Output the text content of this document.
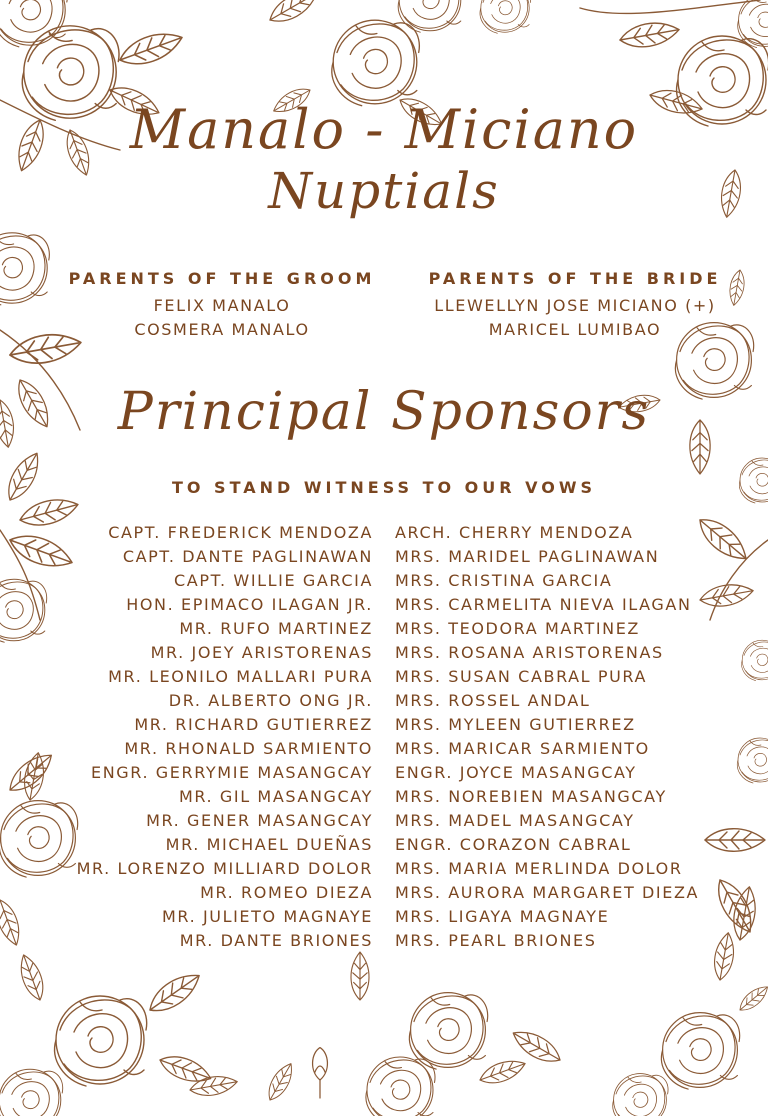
Manalo - Miciano
Nuptials
PARENTS OF THE GROOM
FELIX MANALO
COSMERA MANALO
PARENTS OF THE BRIDE
LLEWELLYN JOSE MICIANO (+)
MARICEL LUMIBAO
Principal Sponsors
TO STAND WITNESS TO OUR VOWS
CAPT. FREDERICK MENDOZA
CAPT. DANTE PAGLINAWAN
CAPT. WILLIE GARCIA
HON. EPIMACO ILAGAN JR.
MR. RUFO MARTINEZ
MR. JOEY ARISTORENAS
MR. LEONILO MALLARI PURA
DR. ALBERTO ONG JR.
MR. RICHARD GUTIERREZ
MR. RHONALD SARMIENTO
ENGR. GERRYMIE MASANGCAY
MR. GIL MASANGCAY
MR. GENER MASANGCAY
MR. MICHAEL DUEÑAS
MR. LORENZO MILLIARD DOLOR
MR. ROMEO DIEZA
MR. JULIETO MAGNAYE
MR. DANTE BRIONES
ARCH. CHERRY MENDOZA
MRS. MARIDEL PAGLINAWAN
MRS. CRISTINA GARCIA
MRS. CARMELITA NIEVA ILAGAN
MRS. TEODORA MARTINEZ
MRS. ROSANA ARISTORENAS
MRS. SUSAN CABRAL PURA
MRS. ROSSEL ANDAL
MRS. MYLEEN GUTIERREZ
MRS. MARICAR SARMIENTO
ENGR. JOYCE MASANGCAY
MRS. NOREBIEN MASANGCAY
MRS. MADEL MASANGCAY
ENGR. CORAZON CABRAL
MRS. MARIA MERLINDA DOLOR
MRS. AURORA MARGARET DIEZA
MRS. LIGAYA MAGNAYE
MRS. PEARL BRIONES
